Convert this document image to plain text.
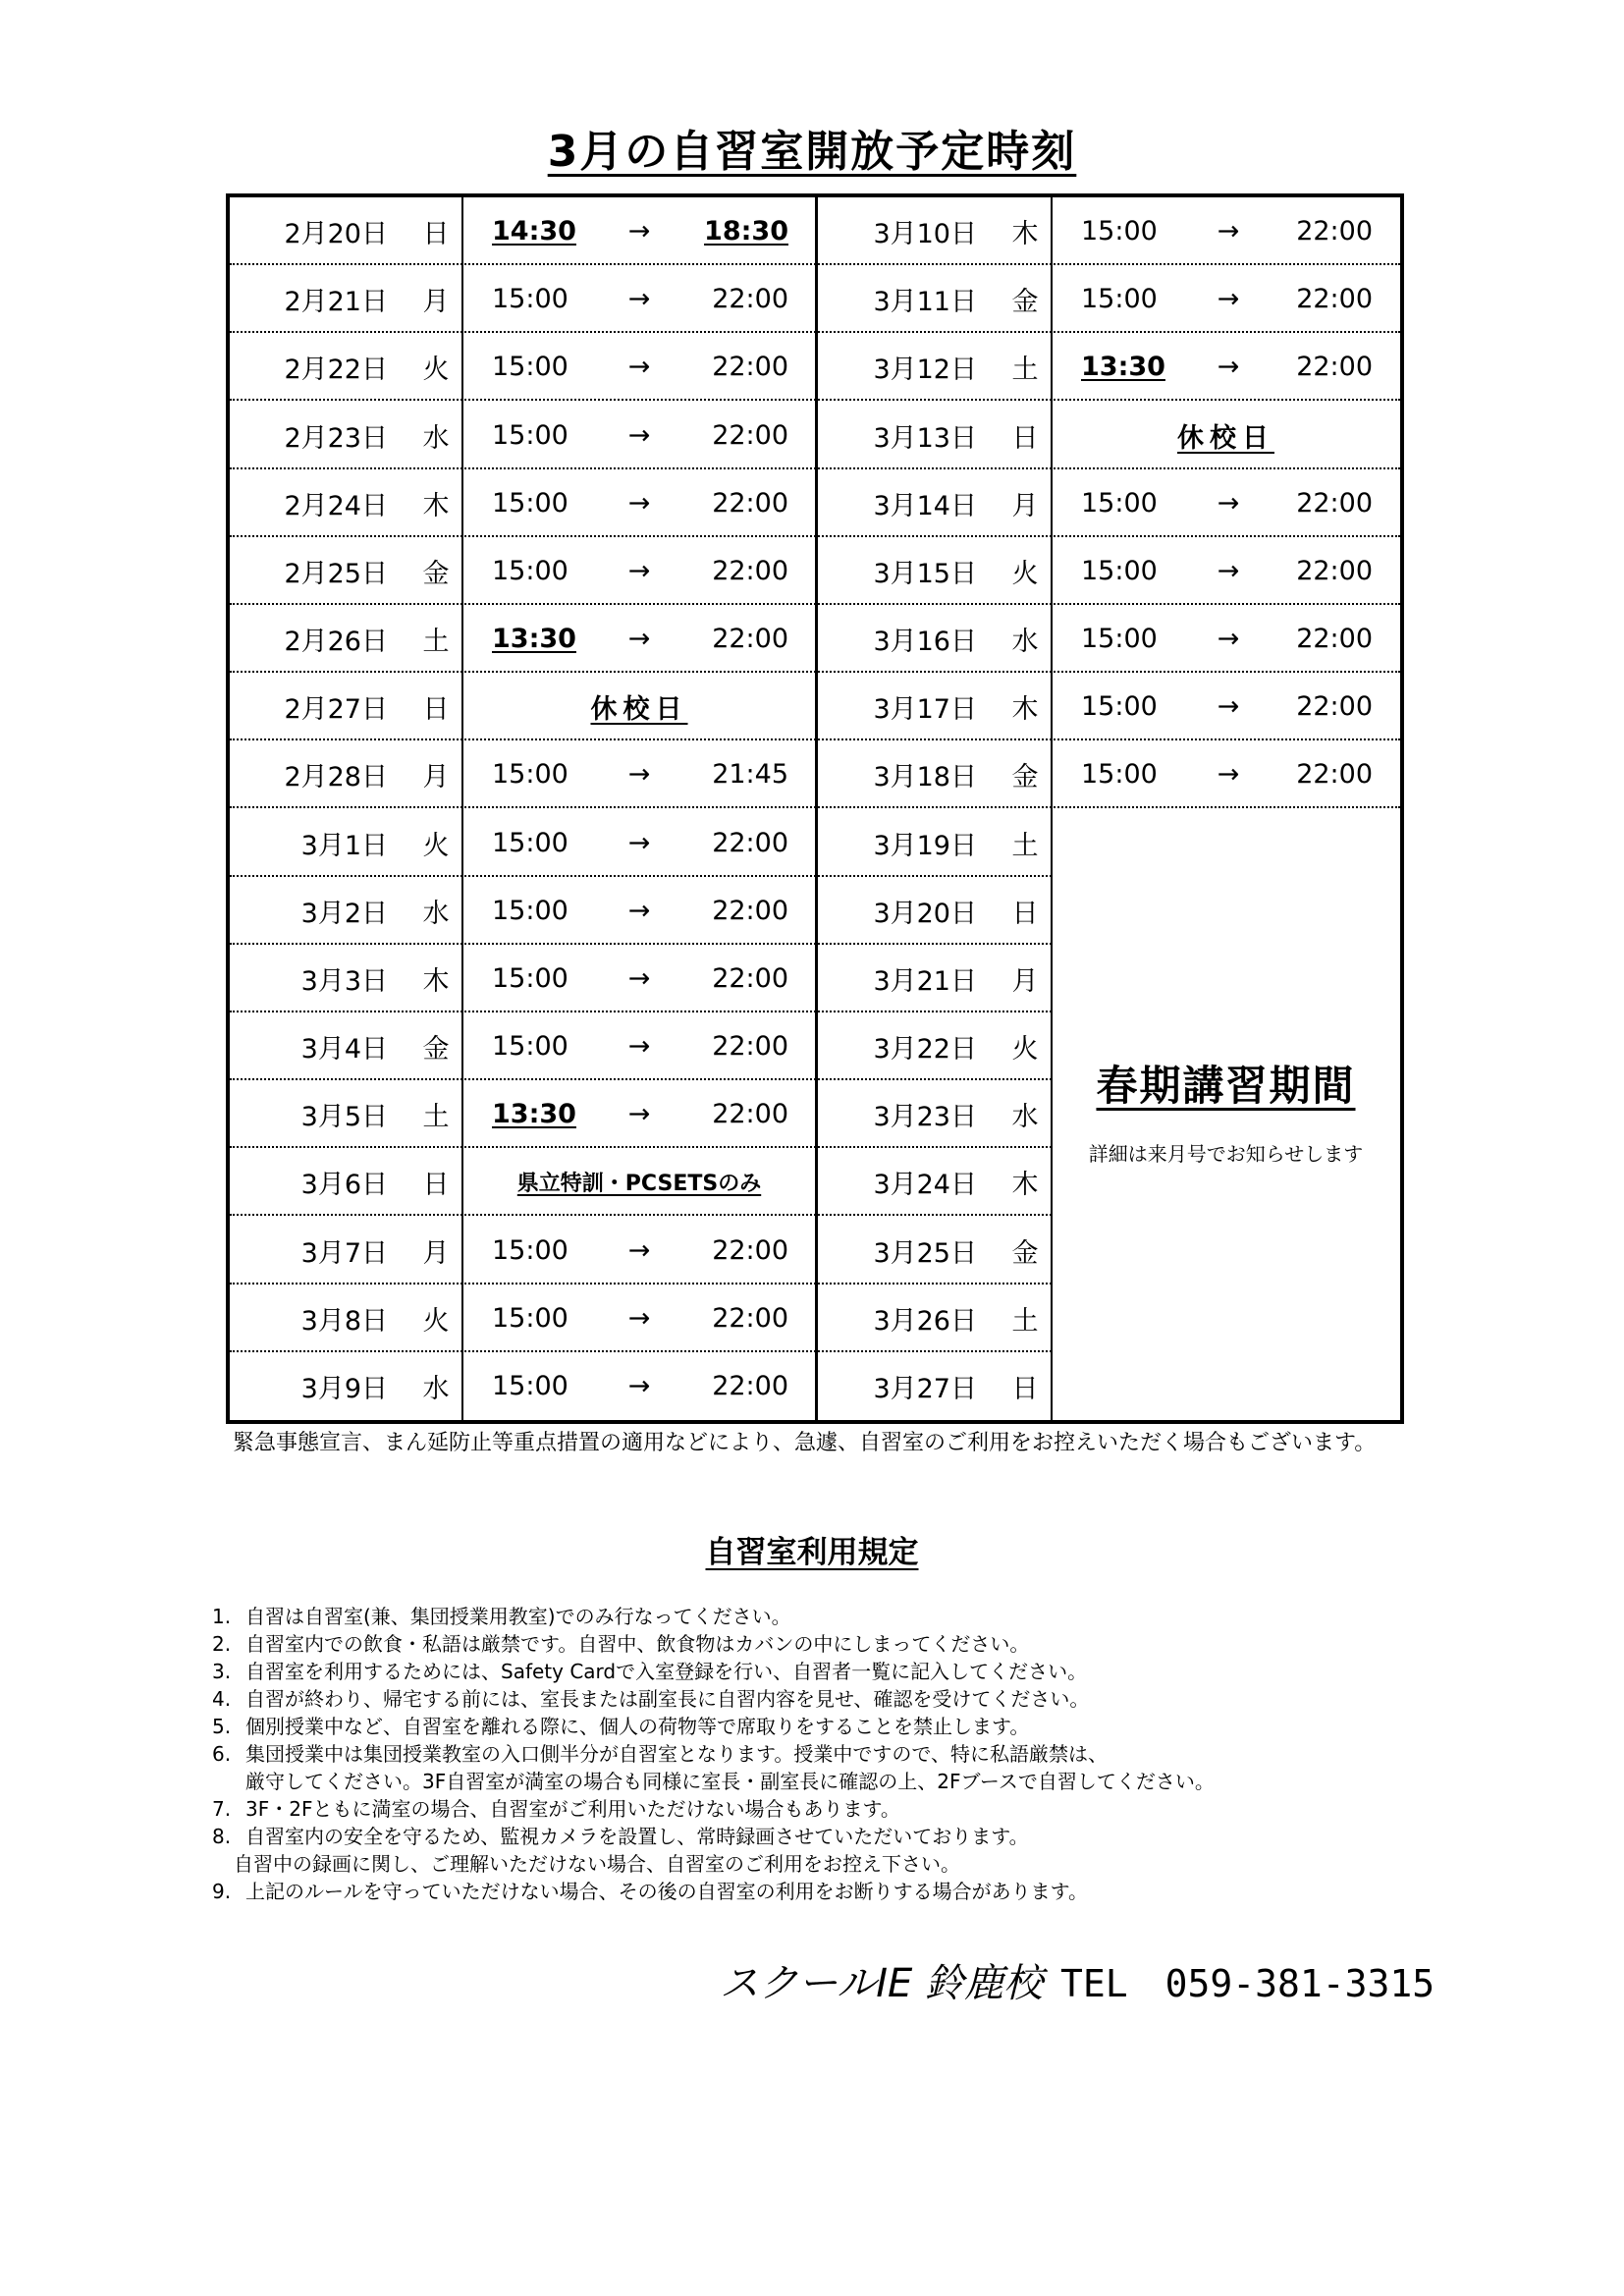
3月の自習室開放予定時刻
2月20日 日 14:30	→	18:30	3月10日 木 15:00	→	22:00
2月21日 月 15:00	→	22:00	3月11日 金 15:00	→	22:00
2月22日 火 15:00	→	22:00	3月12日 土 13:30	→	22:00
2月23日 水 15:00	→	22:00	3月13日 日	休校日
2月24日 木 15:00	→	22:00	3月14日 月 15:00	→	22:00
2月25日 金 15:00	→	22:00	3月15日 火 15:00	→	22:00
2月26日 土 13:30	→	22:00	3月16日 水 15:00	→	22:00
2月27日 日	休校日	3月17日 木 15:00	→	22:00
2月28日 月 15:00	→	21:45	3月18日 金 15:00	→	22:00
3月1日 火 15:00	→	22:00	3月19日 土
3月2日 水 15:00	→	22:00	3月20日 日
3月3日 木 15:00	→	22:00	3月21日 月
3月4日 金 15:00	→	22:00	3月22日 火
3月5日 土 13:30	→	22:00	3月23日 水
3月6日 日	県立特訓・PCSETSのみ	3月24日 木
3月7日 月 15:00	→	22:00	3月25日 金
3月8日 火 15:00	→	22:00	3月26日 土
3月9日 水 15:00	→	22:00	3月27日 日
春期講習期間
詳細は来月号でお知らせします
緊急事態宣言、まん延防止等重点措置の適用などにより、急遽、自習室のご利用をお控えいただく場合もございます。
自習室利用規定
1. 自習は自習室(兼、集団授業用教室)でのみ行なってください。
2. 自習室内での飲食・私語は厳禁です。自習中、飲食物はカバンの中にしまってください。
3. 自習室を利用するためには、Safety Cardで入室登録を行い、自習者一覧に記入してください。
4. 自習が終わり、帰宅する前には、室長または副室長に自習内容を見せ、確認を受けてください。
5. 個別授業中など、自習室を離れる際に、個人の荷物等で席取りをすることを禁止します。
6. 集団授業中は集団授業教室の入口側半分が自習室となります。授業中ですので、特に私語厳禁は、
厳守してください。3F自習室が満室の場合も同様に室長・副室長に確認の上、2Fブースで自習してください。
7. 3F・2Fともに満室の場合、自習室がご利用いただけない場合もあります。
8. 自習室内の安全を守るため、監視カメラを設置し、常時録画させていただいております。
自習中の録画に関し、ご理解いただけない場合、自習室のご利用をお控え下さい。
9. 上記のルールを守っていただけない場合、その後の自習室の利用をお断りする場合があります。
スクールIE 鈴鹿校 TEL　059-381-3315
